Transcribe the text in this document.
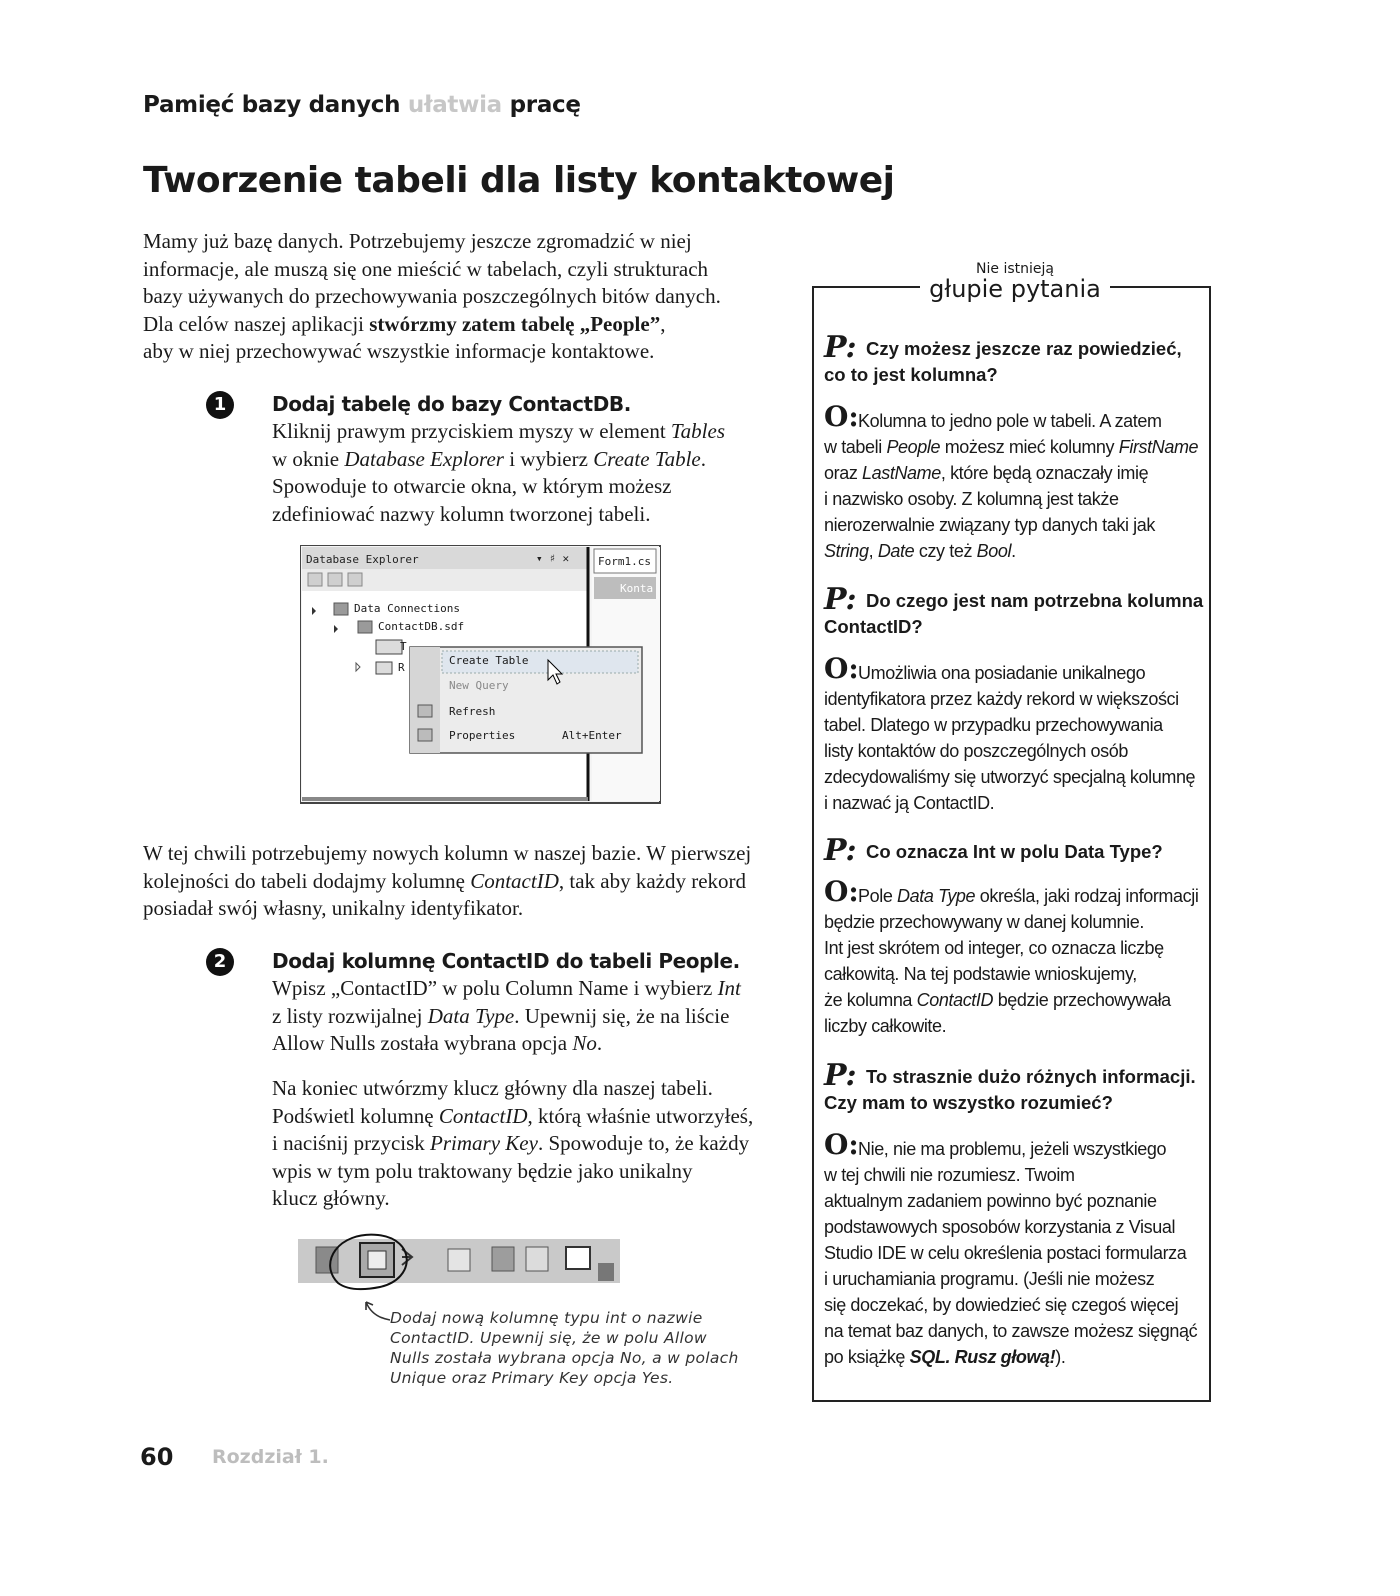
Pamięć bazy danych ułatwia pracę
Tworzenie tabeli dla listy kontaktowej
Mamy już bazę danych. Potrzebujemy jeszcze zgromadzić w niej
informacje, ale muszą się one mieścić w tabelach, czyli strukturach
bazy używanych do przechowywania poszczególnych bitów danych.
Dla celów naszej aplikacji stwórzmy zatem tabelę „People”,
aby w niej przechowywać wszystkie informacje kontaktowe.
1	Dodaj tabelę do bazy ContactDB.
Kliknij prawym przyciskiem myszy w element Tables
w oknie Database Explorer i wybierz Create Table.
Spowoduje to otwarcie okna, w którym możesz
zdefiniować nazwy kolumn tworzonej tabeli.
Database Explorer	▾ ♯ ✕	Form1.cs
Konta
Data Connections
ContactDB.sdf
T
R
Create Table
New Query
Refresh
Properties	Alt+Enter
W tej chwili potrzebujemy nowych kolumn w naszej bazie. W pierwszej
kolejności do tabeli dodajmy kolumnę ContactID, tak aby każdy rekord
posiadał swój własny, unikalny identyfikator.
2	Dodaj kolumnę ContactID do tabeli People.
Wpisz „ContactID” w polu Column Name i wybierz Int
z listy rozwijalnej Data Type. Upewnij się, że na liście
Allow Nulls została wybrana opcja No.
Na koniec utwórzmy klucz główny dla naszej tabeli.
Podświetl kolumnę ContactID, którą właśnie utworzyłeś,
i naciśnij przycisk Primary Key. Spowoduje to, że każdy
wpis w tym polu traktowany będzie jako unikalny
klucz główny.
Dodaj nową kolumnę typu int o nazwie
ContactID. Upewnij się, że w polu Allow
Nulls została wybrana opcja No, a w polach
Unique oraz Primary Key opcja Yes.
Nie istnieją
głupie pytania
P: Czy możesz jeszcze raz powiedzieć,
co to jest kolumna?
O: Kolumna to jedno pole w tabeli. A zatem
w tabeli People możesz mieć kolumny FirstName
oraz LastName, które będą oznaczały imię
i nazwisko osoby. Z kolumną jest także
nierozerwalnie związany typ danych taki jak
String, Date czy też Bool.
P: Do czego jest nam potrzebna kolumna
ContactID?
O: Umożliwia ona posiadanie unikalnego
identyfikatora przez każdy rekord w większości
tabel. Dlatego w przypadku przechowywania
listy kontaktów do poszczególnych osób
zdecydowaliśmy się utworzyć specjalną kolumnę
i nazwać ją ContactID.
P: Co oznacza Int w polu Data Type?
O: Pole Data Type określa, jaki rodzaj informacji
będzie przechowywany w danej kolumnie.
Int jest skrótem od integer, co oznacza liczbę
całkowitą. Na tej podstawie wnioskujemy,
że kolumna ContactID będzie przechowywała
liczby całkowite.
P: To strasznie dużo różnych informacji.
Czy mam to wszystko rozumieć?
O: Nie, nie ma problemu, jeżeli wszystkiego
w tej chwili nie rozumiesz. Twoim
aktualnym zadaniem powinno być poznanie
podstawowych sposobów korzystania z Visual
Studio IDE w celu określenia postaci formularza
i uruchamiania programu. (Jeśli nie możesz
się doczekać, by dowiedzieć się czegoś więcej
na temat baz danych, to zawsze możesz sięgnąć
po książkę SQL. Rusz głową!).
60 Rozdział 1.
